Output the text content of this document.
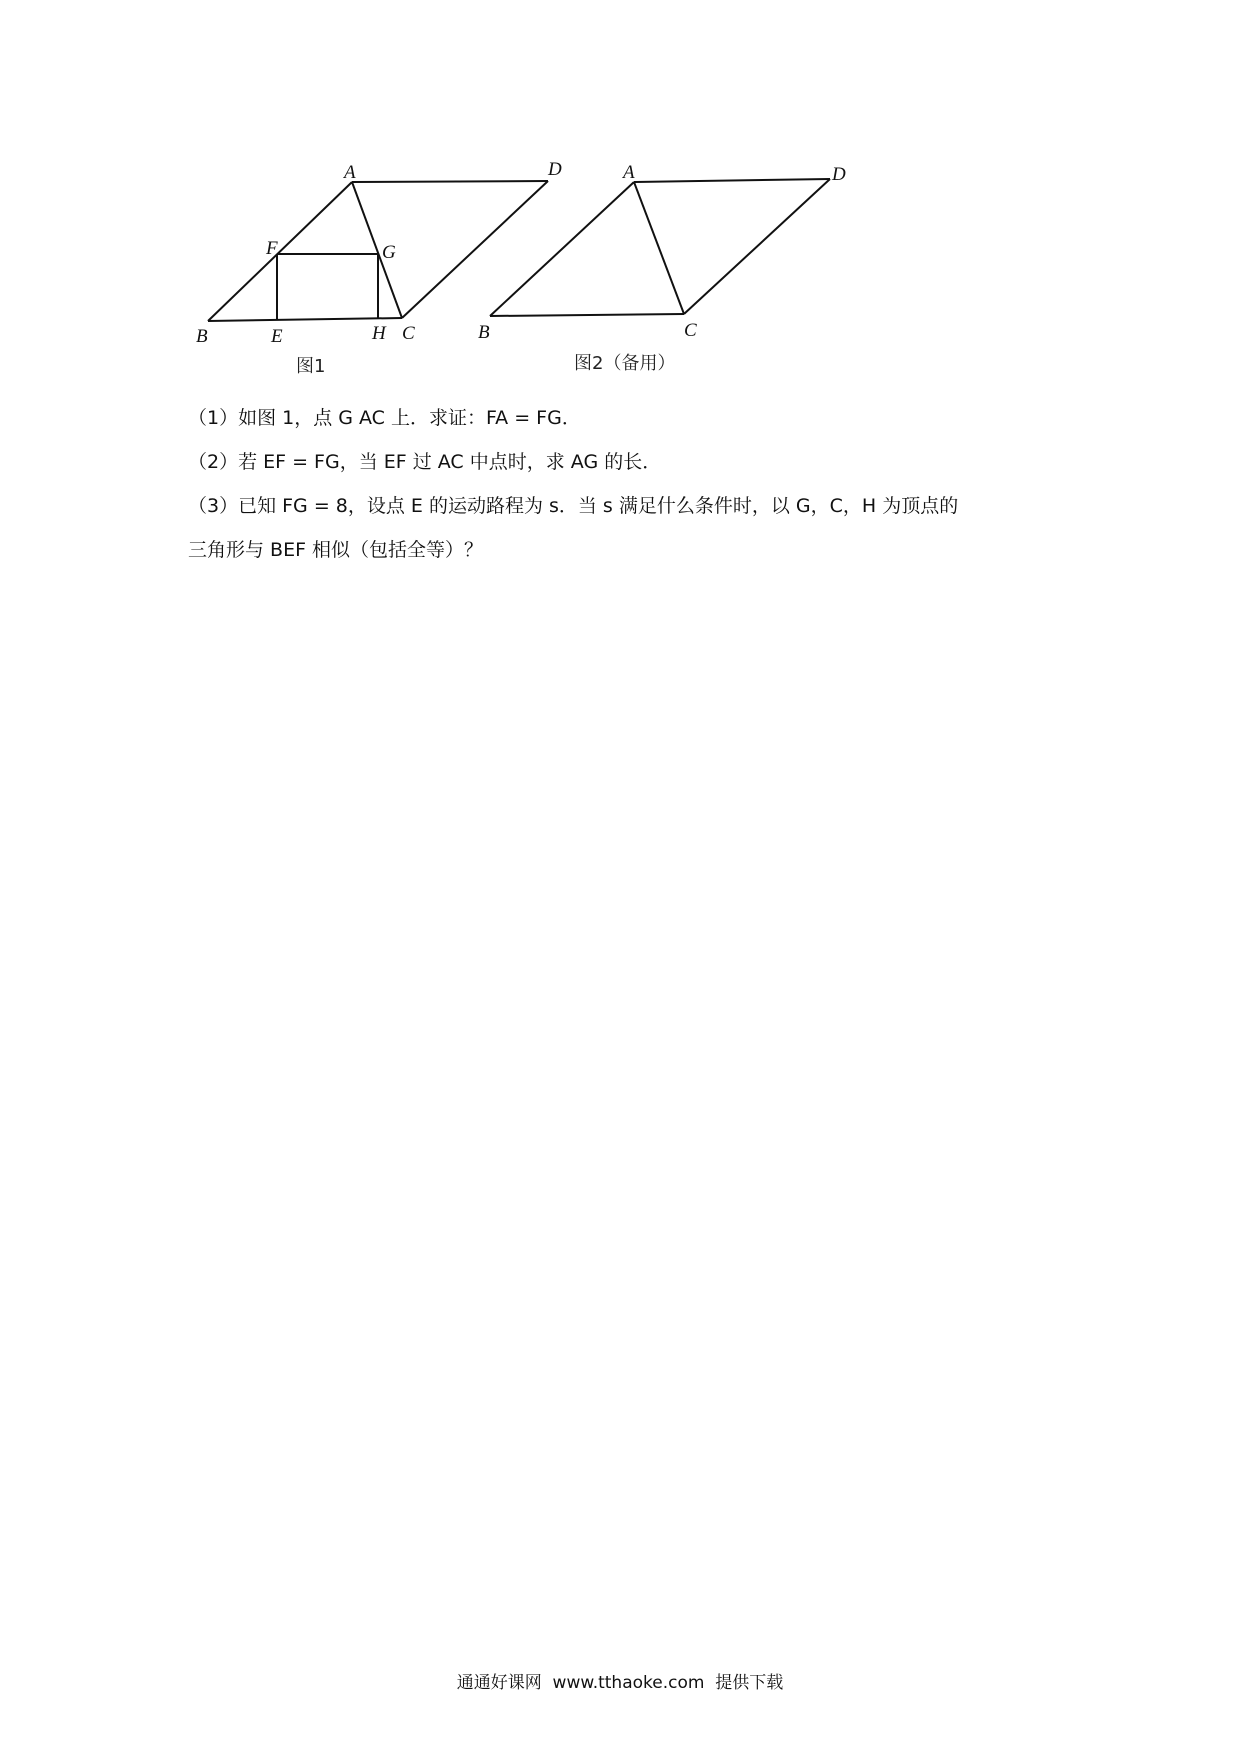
A	D
F	G
B	E	H C
图1
A	D
B	C
图2（备用）
（1）如图 1，点 G AC 上．求证：FA = FG．
（2）若 EF = FG，当 EF 过 AC 中点时，求 AG 的长．
（3）已知 FG = 8，设点 E 的运动路程为 s．当 s 满足什么条件时，以 G，C，H 为顶点的
三角形与 BEF 相似（包括全等）？
通通好课网  www.tthaoke.com  提供下载
